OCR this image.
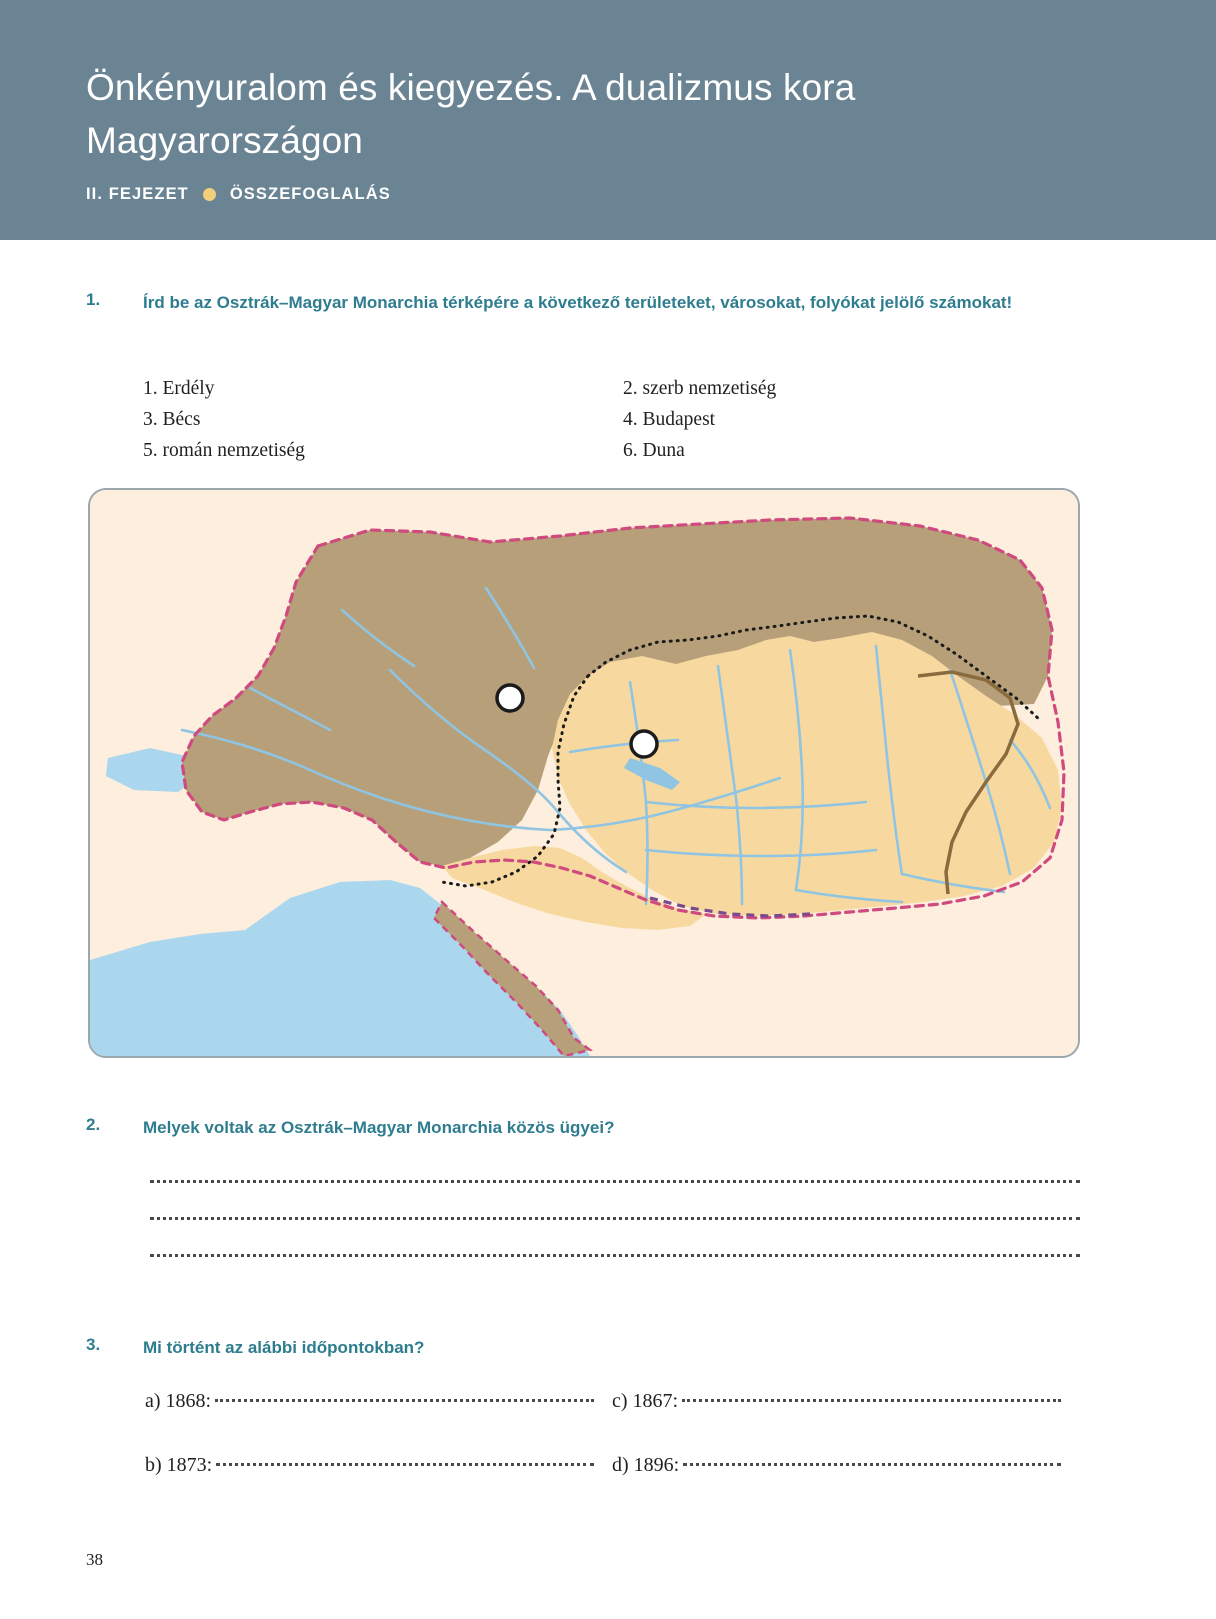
Önkényuralom és kiegyezés. A dualizmus kora Magyarországon
II. FEJEZET ÖSSZEFOGLALÁS
1.	Írd be az Osztrák–Magyar Monarchia térképére a következő területeket, városokat, folyókat jelölő számokat!
1. Erdély	2. szerb nemzetiség
3. Bécs	4. Budapest
5. román nemzetiség	6. Duna
2.	Melyek voltak az Osztrák–Magyar Monarchia közös ügyei?
3.	Mi történt az alábbi időpontokban?
a) 1868:	c) 1867:
b) 1873:	d) 1896:
38
